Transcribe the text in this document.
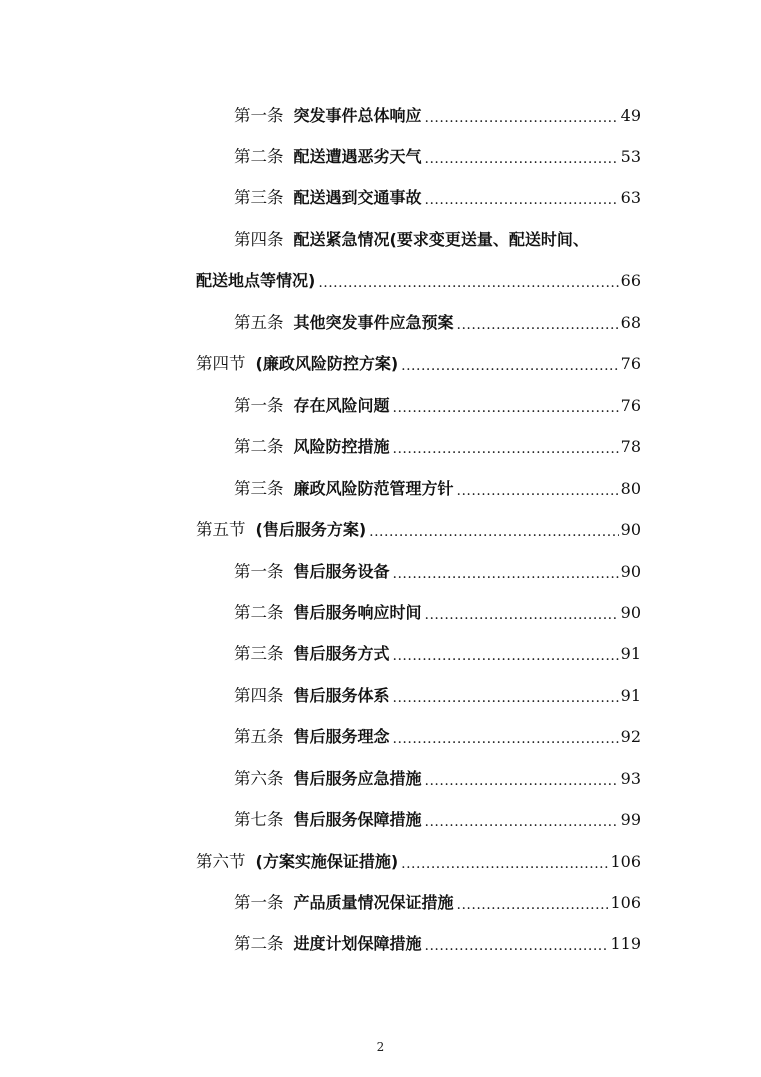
第一条 突发事件总体响应 .....	49
第二条 配送遭遇恶劣天气 .....	53
第三条 配送遇到交通事故 .....	63
第四条 配送紧急情况(要求变更送量、配送时间、
配送地点等情况) .....	66
第五条 其他突发事件应急预案 .....	68
第四节 (廉政风险防控方案) .....	76
第一条 存在风险问题 .....	76
第二条 风险防控措施 .....	78
第三条 廉政风险防范管理方针 .....	80
第五节 (售后服务方案) .....	90
第一条 售后服务设备 .....	90
第二条 售后服务响应时间 .....	90
第三条 售后服务方式 .....	91
第四条 售后服务体系 .....	91
第五条 售后服务理念 .....	92
第六条 售后服务应急措施 .....	93
第七条 售后服务保障措施 .....	99
第六节 (方案实施保证措施) .....	106
第一条 产品质量情况保证措施 .....	106
第二条 进度计划保障措施 .....	119
2
